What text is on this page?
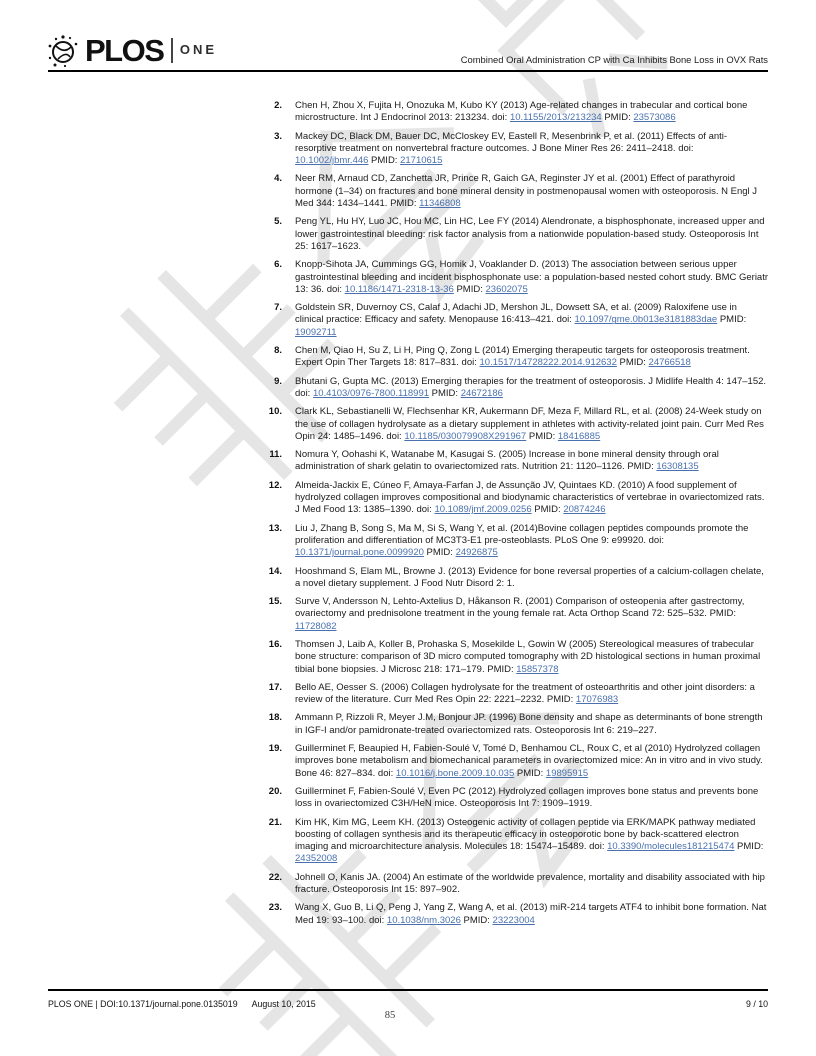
PLOS ONE
Combined Oral Administration CP with Ca Inhibits Bone Loss in OVX Rats
2.	Chen H, Zhou X, Fujita H, Onozuka M, Kubo KY (2013) Age-related changes in trabecular and cortical bone microstructure. Int J Endocrinol 2013: 213234. doi: 10.1155/2013/213234 PMID: 23573086
3.	Mackey DC, Black DM, Bauer DC, McCloskey EV, Eastell R, Mesenbrink P, et al. (2011) Effects of anti-resorptive treatment on nonvertebral fracture outcomes. J Bone Miner Res 26: 2411–2418. doi: 10.1002/jbmr.446 PMID: 21710615
4.	Neer RM, Arnaud CD, Zanchetta JR, Prince R, Gaich GA, Reginster JY et al. (2001) Effect of parathyroid hormone (1–34) on fractures and bone mineral density in postmenopausal women with osteoporosis. N Engl J Med 344: 1434–1441. PMID: 11346808
5.	Peng YL, Hu HY, Luo JC, Hou MC, Lin HC, Lee FY (2014) Alendronate, a bisphosphonate, increased upper and lower gastrointestinal bleeding: risk factor analysis from a nationwide population-based study. Osteoporosis Int 25: 1617–1623.
6.	Knopp-Sihota JA, Cummings GG, Homik J, Voaklander D. (2013) The association between serious upper gastrointestinal bleeding and incident bisphosphonate use: a population-based nested cohort study. BMC Geriatr 13: 36. doi: 10.1186/1471-2318-13-36 PMID: 23602075
7.	Goldstein SR, Duvernoy CS, Calaf J, Adachi JD, Mershon JL, Dowsett SA, et al. (2009) Raloxifene use in clinical practice: Efficacy and safety. Menopause 16:413–421. doi: 10.1097/gme.0b013e3181883dae PMID: 19092711
8.	Chen M, Qiao H, Su Z, Li H, Ping Q, Zong L (2014) Emerging therapeutic targets for osteoporosis treatment. Expert Opin Ther Targets 18: 817–831. doi: 10.1517/14728222.2014.912632 PMID: 24766518
9.	Bhutani G, Gupta MC. (2013) Emerging therapies for the treatment of osteoporosis. J Midlife Health 4: 147–152. doi: 10.4103/0976-7800.118991 PMID: 24672186
10.	Clark KL, Sebastianelli W, Flechsenhar KR, Aukermann DF, Meza F, Millard RL, et al. (2008) 24-Week study on the use of collagen hydrolysate as a dietary supplement in athletes with activity-related joint pain. Curr Med Res Opin 24: 1485–1496. doi: 10.1185/030079908X291967 PMID: 18416885
11.	Nomura Y, Oohashi K, Watanabe M, Kasugai S. (2005) Increase in bone mineral density through oral administration of shark gelatin to ovariectomized rats. Nutrition 21: 1120–1126. PMID: 16308135
12.	Almeida-Jackix E, Cúneo F, Amaya-Farfan J, de Assunção JV, Quintaes KD. (2010) A food supplement of hydrolyzed collagen improves compositional and biodynamic characteristics of vertebrae in ovariectomized rats. J Med Food 13: 1385–1390. doi: 10.1089/jmf.2009.0256 PMID: 20874246
13.	Liu J, Zhang B, Song S, Ma M, Si S, Wang Y, et al. (2014)Bovine collagen peptides compounds promote the proliferation and differentiation of MC3T3-E1 pre-osteoblasts. PLoS One 9: e99920. doi: 10.1371/journal.pone.0099920 PMID: 24926875
14.	Hooshmand S, Elam ML, Browne J. (2013) Evidence for bone reversal properties of a calcium-collagen chelate, a novel dietary supplement. J Food Nutr Disord 2: 1.
15.	Surve V, Andersson N, Lehto-Axtelius D, Håkanson R. (2001) Comparison of osteopenia after gastrectomy, ovariectomy and prednisolone treatment in the young female rat. Acta Orthop Scand 72: 525–532. PMID: 11728082
16.	Thomsen J, Laib A, Koller B, Prohaska S, Mosekilde L, Gowin W (2005) Stereological measures of trabecular bone structure: comparison of 3D micro computed tomography with 2D histological sections in human proximal tibial bone biopsies. J Microsc 218: 171–179. PMID: 15857378
17.	Bello AE, Oesser S. (2006) Collagen hydrolysate for the treatment of osteoarthritis and other joint disorders: a review of the literature. Curr Med Res Opin 22: 2221–2232. PMID: 17076983
18.	Ammann P, Rizzoli R, Meyer J.M, Bonjour JP. (1996) Bone density and shape as determinants of bone strength in IGF-I and/or pamidronate-treated ovariectomized rats. Osteoporosis Int 6: 219–227.
19.	Guillerminet F, Beaupied H, Fabien-Soulé V, Tomé D, Benhamou CL, Roux C, et al (2010) Hydrolyzed collagen improves bone metabolism and biomechanical parameters in ovariectomized mice: An in vitro and in vivo study. Bone 46: 827–834. doi: 10.1016/j.bone.2009.10.035 PMID: 19895915
20.	Guillerminet F, Fabien-Soulé V, Even PC (2012) Hydrolyzed collagen improves bone status and prevents bone loss in ovariectomized C3H/HeN mice. Osteoporosis Int 7: 1909–1919.
21.	Kim HK, Kim MG, Leem KH. (2013) Osteogenic activity of collagen peptide via ERK/MAPK pathway mediated boosting of collagen synthesis and its therapeutic efficacy in osteoporotic bone by back-scattered electron imaging and microarchitecture analysis. Molecules 18: 15474–15489. doi: 10.3390/molecules181215474 PMID: 24352008
22.	Johnell O, Kanis JA. (2004) An estimate of the worldwide prevalence, mortality and disability associated with hip fracture. Osteoporosis Int 15: 897–902.
23.	Wang X, Guo B, Li Q, Peng J, Yang Z, Wang A, et al. (2013) miR-214 targets ATF4 to inhibit bone formation. Nat Med 19: 93–100. doi: 10.1038/nm.3026 PMID: 23223004
PLOS ONE | DOI:10.1371/journal.pone.0135019 August 10, 2015	9 / 10
85
